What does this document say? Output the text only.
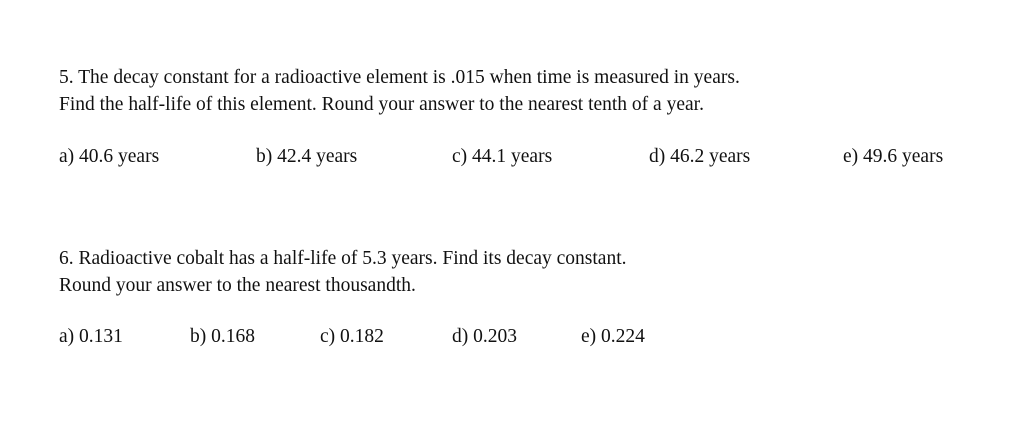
5. The decay constant for a radioactive element is .015 when time is measured in years.
Find the half-life of this element. Round your answer to the nearest tenth of a year.
a) 40.6 years	b) 42.4 years	c) 44.1 years	d) 46.2 years	e) 49.6 years
6. Radioactive cobalt has a half-life of 5.3 years. Find its decay constant.
Round your answer to the nearest thousandth.
a) 0.131	b) 0.168	c) 0.182	d) 0.203	e) 0.224
